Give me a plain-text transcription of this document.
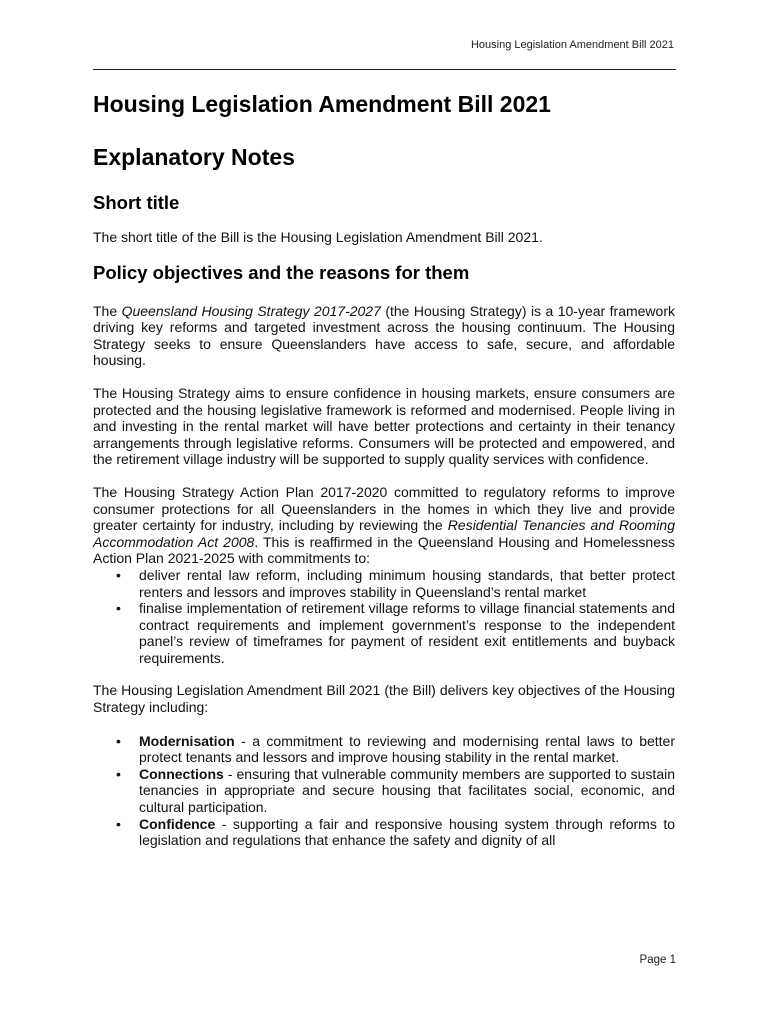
Housing Legislation Amendment Bill 2021
Housing Legislation Amendment Bill 2021
Explanatory Notes
Short title

The short title of the Bill is the Housing Legislation Amendment Bill 2021.

Policy objectives and the reasons for them

The Queensland Housing Strategy 2017-2027 (the Housing Strategy) is a 10-year framework driving key reforms and targeted investment across the housing continuum. The Housing Strategy seeks to ensure Queenslanders have access to safe, secure, and affordable housing.

The Housing Strategy aims to ensure confidence in housing markets, ensure consumers are protected and the housing legislative framework is reformed and modernised. People living in and investing in the rental market will have better protections and certainty in their tenancy arrangements through legislative reforms. Consumers will be protected and empowered, and the retirement village industry will be supported to supply quality services with confidence.

The Housing Strategy Action Plan 2017-2020 committed to regulatory reforms to improve consumer protections for all Queenslanders in the homes in which they live and provide greater certainty for industry, including by reviewing the Residential Tenancies and Rooming Accommodation Act 2008. This is reaffirmed in the Queensland Housing and Homelessness Action Plan 2021-2025 with commitments to:

• deliver rental law reform, including minimum housing standards, that better protect renters and lessors and improves stability in Queensland’s rental market
• finalise implementation of retirement village reforms to village financial statements and contract requirements and implement government’s response to the independent panel’s review of timeframes for payment of resident exit entitlements and buyback requirements.

The Housing Legislation Amendment Bill 2021 (the Bill) delivers key objectives of the Housing Strategy including:

• Modernisation - a commitment to reviewing and modernising rental laws to better protect tenants and lessors and improve housing stability in the rental market.
• Connections - ensuring that vulnerable community members are supported to sustain tenancies in appropriate and secure housing that facilitates social, economic, and cultural participation.
• Confidence - supporting a fair and responsive housing system through reforms to legislation and regulations that enhance the safety and dignity of all
Page 1
